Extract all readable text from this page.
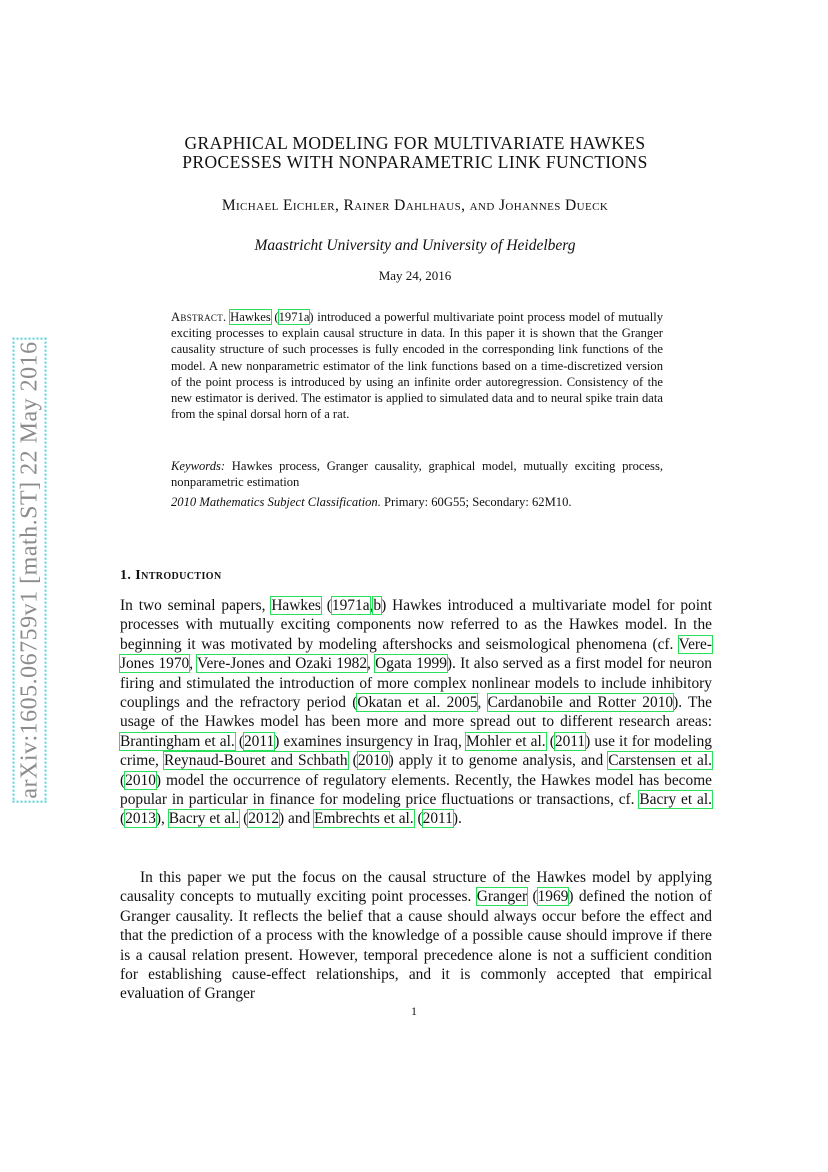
arXiv:1605.06759v1 [math.ST] 22 May 2016
GRAPHICAL MODELING FOR MULTIVARIATE HAWKES
PROCESSES WITH NONPARAMETRIC LINK FUNCTIONS
Michael Eichler, Rainer Dahlhaus, and Johannes Dueck
Maastricht University and University of Heidelberg
May 24, 2016
Abstract. Hawkes (1971a) introduced a powerful multivariate point process model of mutually exciting processes to explain causal structure in data. In this paper it is shown that the Granger causality structure of such processes is fully encoded in the corresponding link functions of the model. A new nonparametric estimator of the link functions based on a time-discretized version of the point process is introduced by using an infinite order autoregression. Consistency of the new estimator is derived. The estimator is applied to simulated data and to neural spike train data from the spinal dorsal horn of a rat.
Keywords: Hawkes process, Granger causality, graphical model, mutually exciting process, nonparametric estimation
2010 Mathematics Subject Classification. Primary: 60G55; Secondary: 62M10.
1. Introduction
In two seminal papers, Hawkes (1971a,b) Hawkes introduced a multivariate model for point processes with mutually exciting components now referred to as the Hawkes model. In the beginning it was motivated by modeling aftershocks and seismological phenomena (cf. Vere-Jones 1970, Vere-Jones and Ozaki 1982, Ogata 1999). It also served as a first model for neuron firing and stimulated the introduction of more complex nonlinear models to include inhibitory couplings and the refractory period (Okatan et al. 2005, Cardanobile and Rotter 2010). The usage of the Hawkes model has been more and more spread out to different research areas: Brantingham et al. (2011) examines insurgency in Iraq, Mohler et al. (2011) use it for modeling crime, Reynaud-Bouret and Schbath (2010) apply it to genome analysis, and Carstensen et al. (2010) model the occurrence of regulatory elements. Recently, the Hawkes model has become popular in particular in finance for modeling price fluctuations or transactions, cf. Bacry et al. (2013), Bacry et al. (2012) and Embrechts et al. (2011).
In this paper we put the focus on the causal structure of the Hawkes model by applying causality concepts to mutually exciting point processes. Granger (1969) defined the notion of Granger causality. It reflects the belief that a cause should always occur before the effect and that the prediction of a process with the knowledge of a possible cause should improve if there is a causal relation present. However, temporal precedence alone is not a sufficient condition for establishing cause-effect relationships, and it is commonly accepted that empirical evaluation of Granger
1
